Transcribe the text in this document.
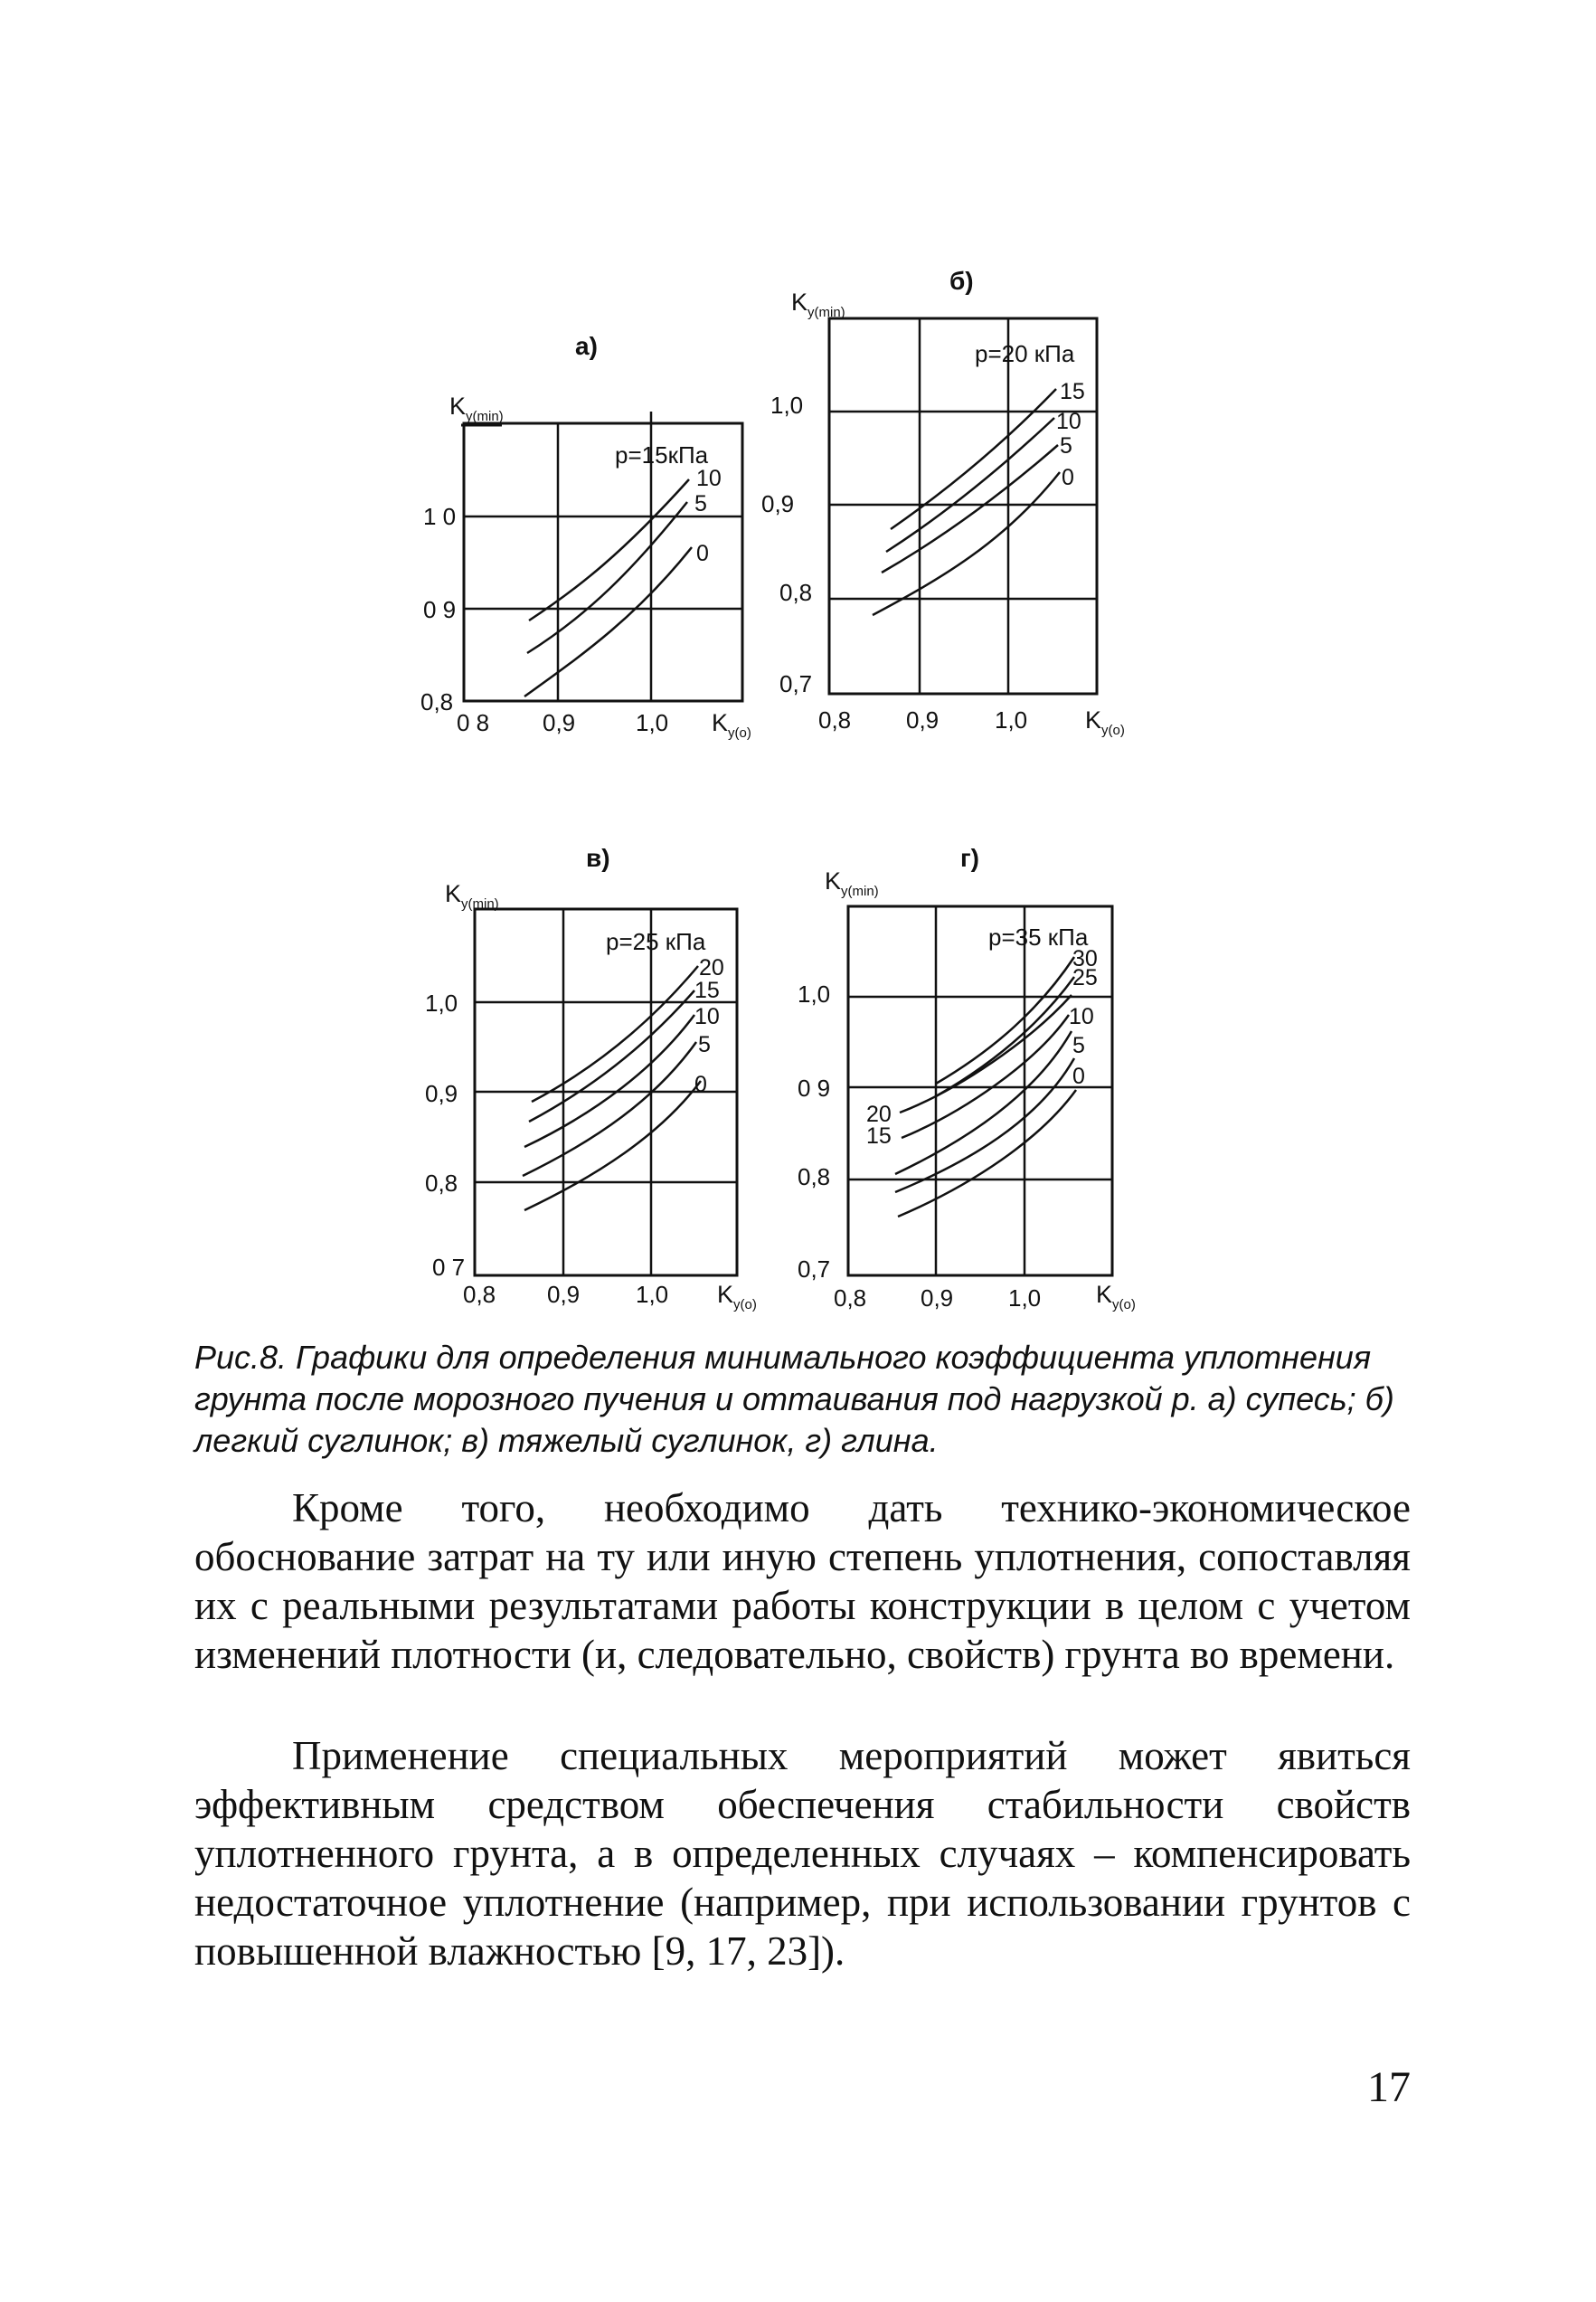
а)
$K_{y(min)}$
0,8
0 9
1 0
0 8 0,9	1,0 $K_{y(o)}$
p=15кПа
10
5
0
б)
$K_{y(min)}$
0,7
0,8
0,9
1,0
0,8 0,9 1,0 $K_{y(o)}$
p=20 кПа
15
10
5
0
в)
$K_{y(min)}$
0 7
0,8
0,9
1,0
0,8 0,9 1,0 $K_{y(o)}$
p=25 кПа
20
15
10
5
0
г)
$K_{y(min)}$
0,7
0,8
0 9
1,0
0,8 0,9 1,0 $K_{y(o)}$
p=35 кПа
30
25
10
5
0
20
15

Рис.8. Графики для определения минимального коэффициента уплотнения грунта после морозного пучения и оттаивания под нагрузкой р. а) супесь; б) легкий суглинок; в) тяжелый суглинок, г) глина.

Кроме того, необходимо дать технико-экономическое обоснование затрат на ту или иную степень уплотнения, сопоставляя их с реальными результатами работы конструкции в целом с учетом изменений плотности (и, следовательно, свойств) грунта во времени.

Применение специальных мероприятий может явиться эффективным средством обеспечения стабильности свойств уплотненного грунта, а в определенных случаях – компенсировать недостаточное уплотнение (например, при использовании грунтов с повышенной влажностью [9, 17, 23]).

17
